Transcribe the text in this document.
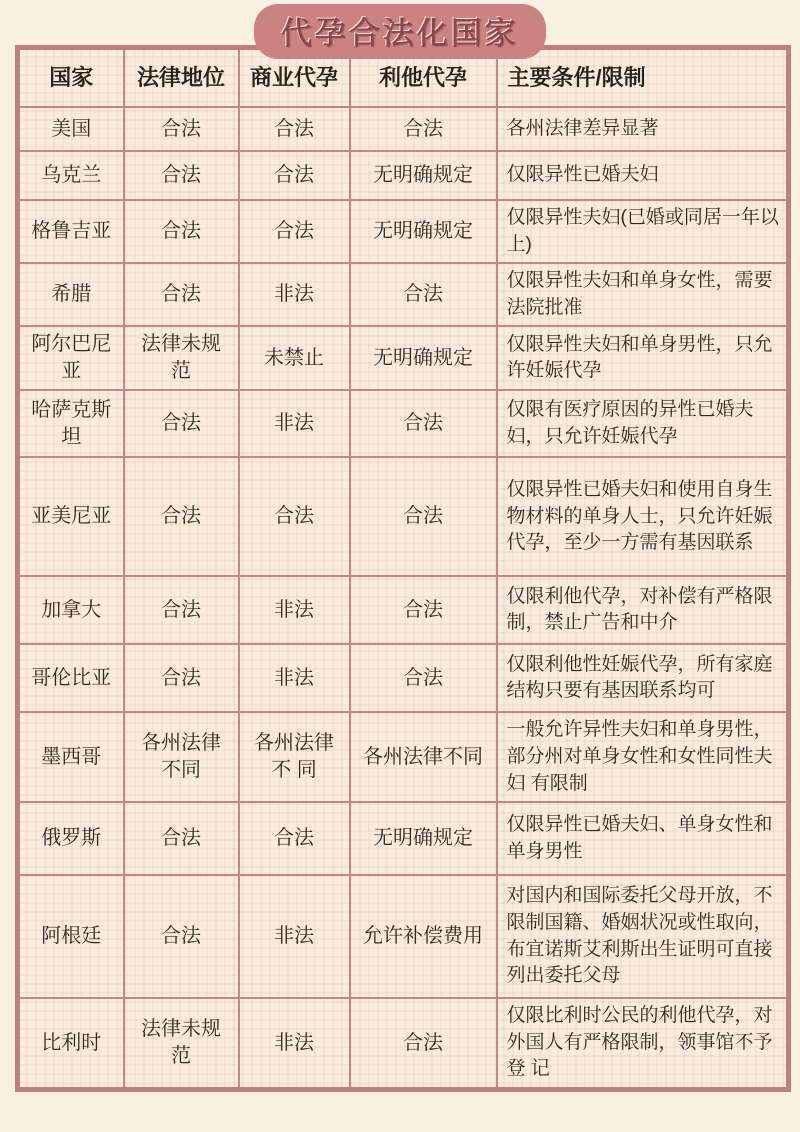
代孕合法化国家
国家	法律地位	商业代孕	利他代孕	主要条件/限制
美国	合法	合法	合法	各州法律差异显著
乌克兰	合法	合法	无明确规定	仅限异性已婚夫妇
格鲁吉亚	合法	合法	无明确规定	仅限异性夫妇(已婚或同居一年以上)
希腊	合法	非法	合法	仅限异性夫妇和单身女性，需要法院批准
阿尔巴尼亚	法律未规范	未禁止	无明确规定	仅限异性夫妇和单身男性，只允许妊娠代孕
哈萨克斯坦	合法	非法	合法	仅限有医疗原因的异性已婚夫妇，只允许妊娠代孕
亚美尼亚	合法	合法	合法	仅限异性已婚夫妇和使用自身生物材料的单身人士，只允许妊娠代孕，至少一方需有基因联系
加拿大	合法	非法	合法	仅限利他代孕，对补偿有严格限制，禁止广告和中介
哥伦比亚	合法	非法	合法	仅限利他性妊娠代孕，所有家庭结构只要有基因联系均可
墨西哥	各州法律不同	各州法律不 同	各州法律不同	一般允许异性夫妇和单身男性，部分州对单身女性和女性同性夫妇 有限制
俄罗斯	合法	合法	无明确规定	仅限异性已婚夫妇、单身女性和单身男性
阿根廷	合法	非法	允许补偿费用	对国内和国际委托父母开放，不限制国籍、婚姻状况或性取向，布宜诺斯艾利斯出生证明可直接列出委托父母
比利时	法律未规范	非法	合法	仅限比利时公民的利他代孕，对外国人有严格限制，领事馆不予登 记
